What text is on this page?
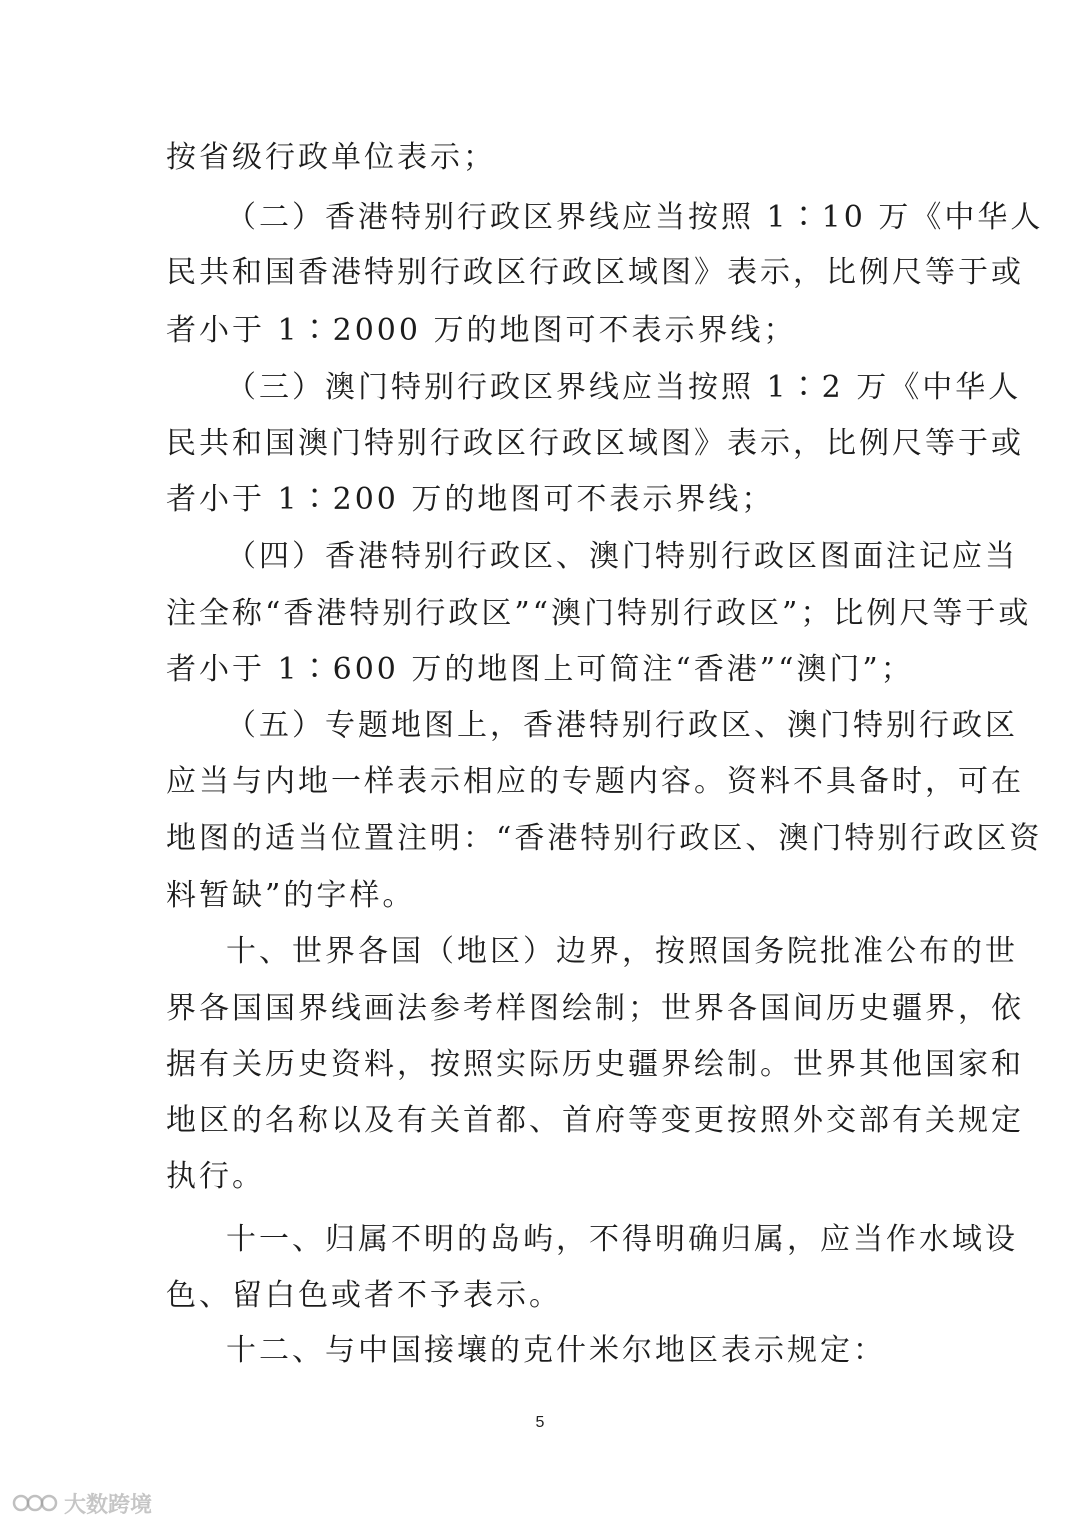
按省级行政单位表示；
（二）香港特别行政区界线应当按照 1∶10 万《中华人
民共和国香港特别行政区行政区域图》表示，比例尺等于或
者小于 1∶2000 万的地图可不表示界线；
（三）澳门特别行政区界线应当按照 1∶2 万《中华人
民共和国澳门特别行政区行政区域图》表示，比例尺等于或
者小于 1∶200 万的地图可不表示界线；
（四）香港特别行政区、澳门特别行政区图面注记应当
注全称“香港特别行政区”“澳门特别行政区”；比例尺等于或
者小于 1∶600 万的地图上可简注“香港”“澳门”；
（五）专题地图上，香港特别行政区、澳门特别行政区
应当与内地一样表示相应的专题内容。资料不具备时，可在
地图的适当位置注明：“香港特别行政区、澳门特别行政区资
料暂缺”的字样。
十、世界各国（地区）边界，按照国务院批准公布的世
界各国国界线画法参考样图绘制；世界各国间历史疆界，依
据有关历史资料，按照实际历史疆界绘制。世界其他国家和
地区的名称以及有关首都、首府等变更按照外交部有关规定
执行。
十一、归属不明的岛屿，不得明确归属，应当作水域设
色、留白色或者不予表示。
十二、与中国接壤的克什米尔地区表示规定：
5
大数跨境
